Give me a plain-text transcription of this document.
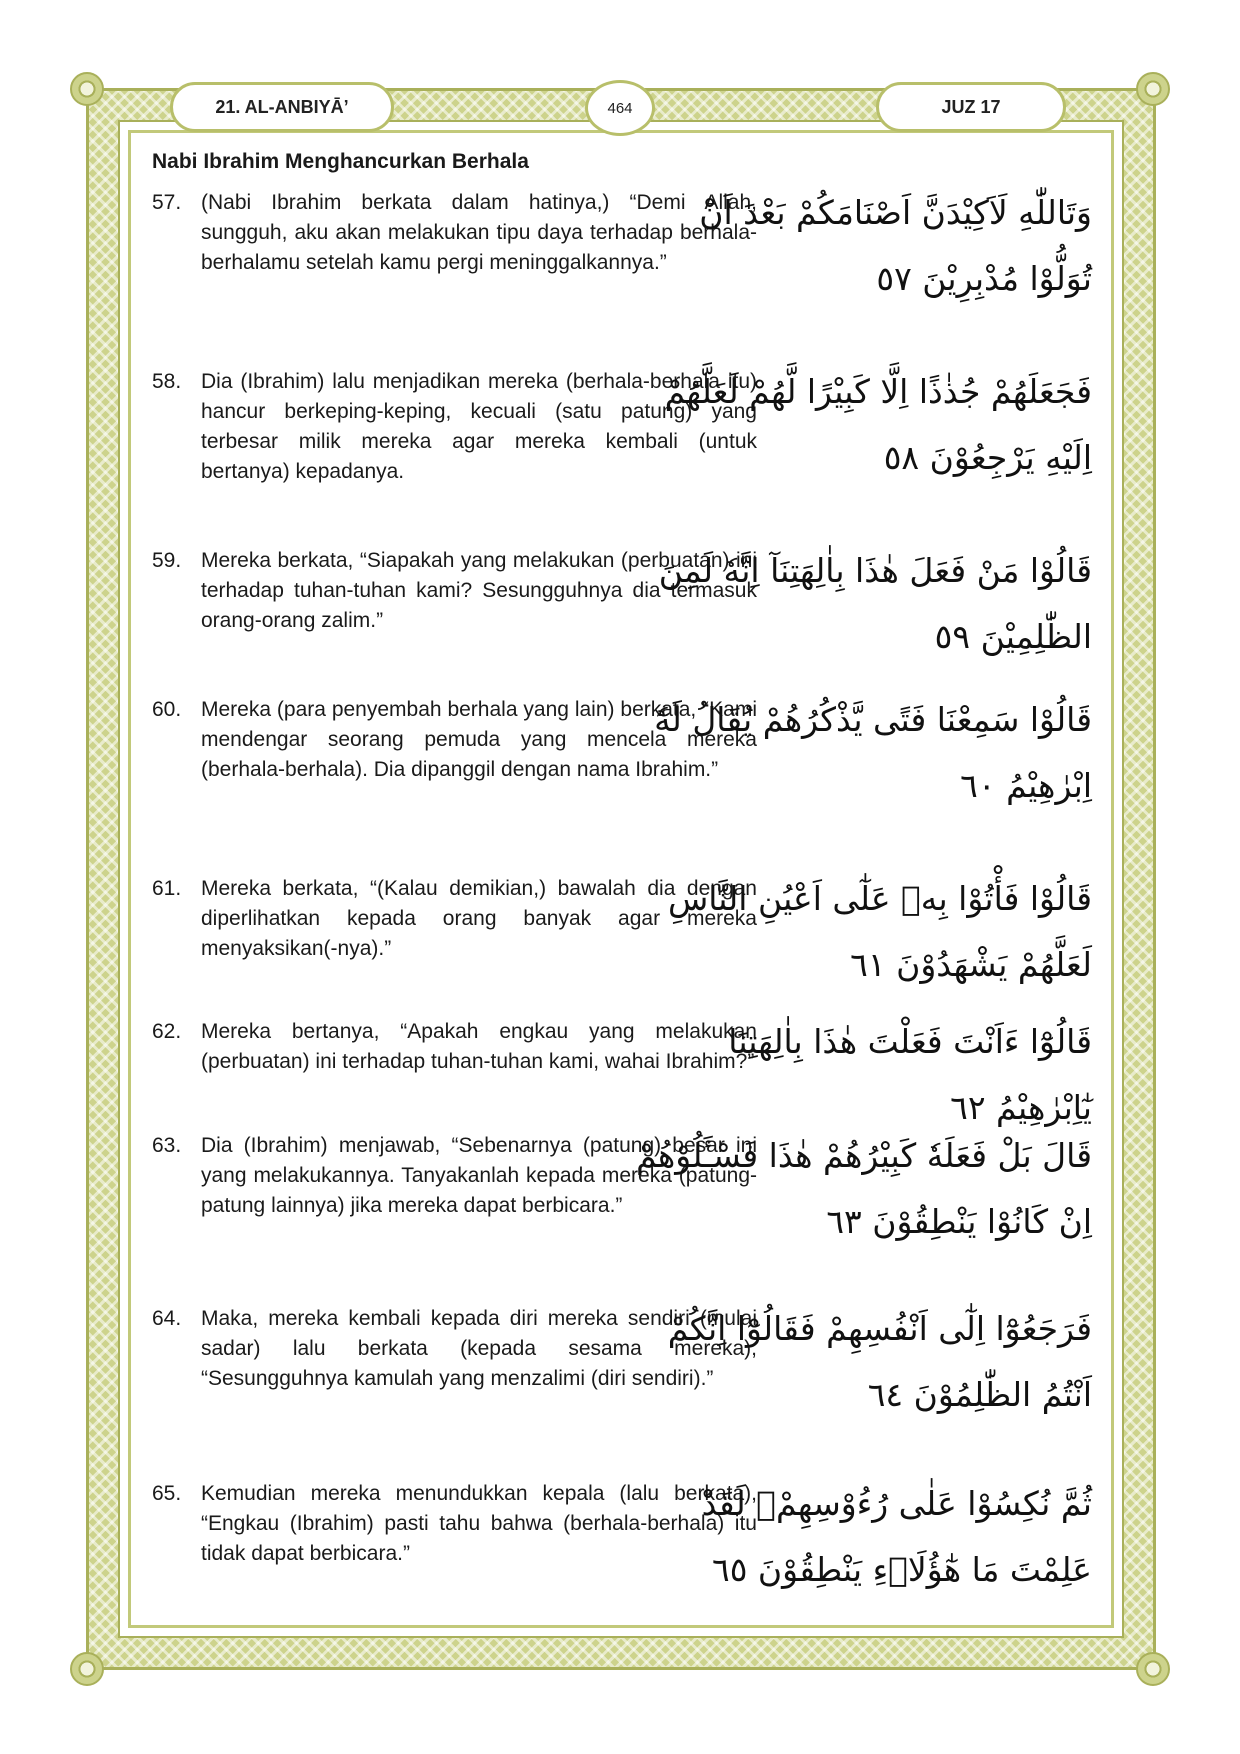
21. AL-ANBIYĀ’	464	JUZ 17
Nabi Ibrahim Menghancurkan Berhala
57. (Nabi Ibrahim berkata dalam hatinya,) “Demi Allah, sungguh, aku akan melakukan tipu daya terhadap berhala-berhalamu setelah kamu pergi meninggalkannya.”

وَتَاللّٰهِ لَاَكِيْدَنَّ اَصْنَامَكُمْ بَعْدَ اَنْ تُوَلُّوْا مُدْبِرِيْنَ ٥٧
58. Dia (Ibrahim) lalu menjadikan mereka (berhala-berhala itu) hancur berkeping-keping, kecuali (satu patung) yang terbesar milik mereka agar mereka kembali (untuk bertanya) kepadanya.

فَجَعَلَهُمْ جُذٰذًا اِلَّا كَبِيْرًا لَّهُمْ لَعَلَّهُمْ اِلَيْهِ يَرْجِعُوْنَ ٥٨
59. Mereka berkata, “Siapakah yang melakukan (perbuatan) ini terhadap tuhan-tuhan kami? Sesungguhnya dia termasuk orang-orang zalim.”

قَالُوْا مَنْ فَعَلَ هٰذَا بِاٰلِهَتِنَآ اِنَّهٗ لَمِنَ الظّٰلِمِيْنَ ٥٩
60. Mereka (para penyembah berhala yang lain) berkata, “Kami mendengar seorang pemuda yang mencela mereka (berhala-berhala). Dia dipanggil dengan nama Ibrahim.”

قَالُوْا سَمِعْنَا فَتًى يَّذْكُرُهُمْ يُقَالُ لَهٗٓ اِبْرٰهِيْمُ ٦٠
61. Mereka berkata, “(Kalau demikian,) bawalah dia dengan diperlihatkan kepada orang banyak agar mereka menyaksikan(-nya).”

قَالُوْا فَأْتُوْا بِهٖ عَلٰٓى اَعْيُنِ النَّاسِ لَعَلَّهُمْ يَشْهَدُوْنَ ٦١
62. Mereka bertanya, “Apakah engkau yang melakukan (perbuatan) ini terhadap tuhan-tuhan kami, wahai Ibrahim?”

قَالُوْٓا ءَاَنْتَ فَعَلْتَ هٰذَا بِاٰلِهَتِنَا يٰٓاِبْرٰهِيْمُ ٦٢
63. Dia (Ibrahim) menjawab, “Sebenarnya (patung) besar ini yang melakukannya. Tanyakanlah kepada mereka (patung-patung lainnya) jika mereka dapat berbicara.”

قَالَ بَلْ فَعَلَهٗ كَبِيْرُهُمْ هٰذَا فَسْـَٔلُوْهُمْ اِنْ كَانُوْا يَنْطِقُوْنَ ٦٣
64. Maka, mereka kembali kepada diri mereka sendiri (mulai sadar) lalu berkata (kepada sesama mereka), “Sesungguhnya kamulah yang menzalimi (diri sendiri).”

فَرَجَعُوْٓا اِلٰٓى اَنْفُسِهِمْ فَقَالُوْٓا اِنَّكُمْ اَنْتُمُ الظّٰلِمُوْنَ ٦٤
65. Kemudian mereka menundukkan kepala (lalu berkata), “Engkau (Ibrahim) pasti tahu bahwa (berhala-berhala) itu tidak dapat berbicara.”

ثُمَّ نُكِسُوْا عَلٰى رُءُوْسِهِمْۚ لَقَدْ عَلِمْتَ مَا هٰٓؤُلَاۤءِ يَنْطِقُوْنَ ٦٥
